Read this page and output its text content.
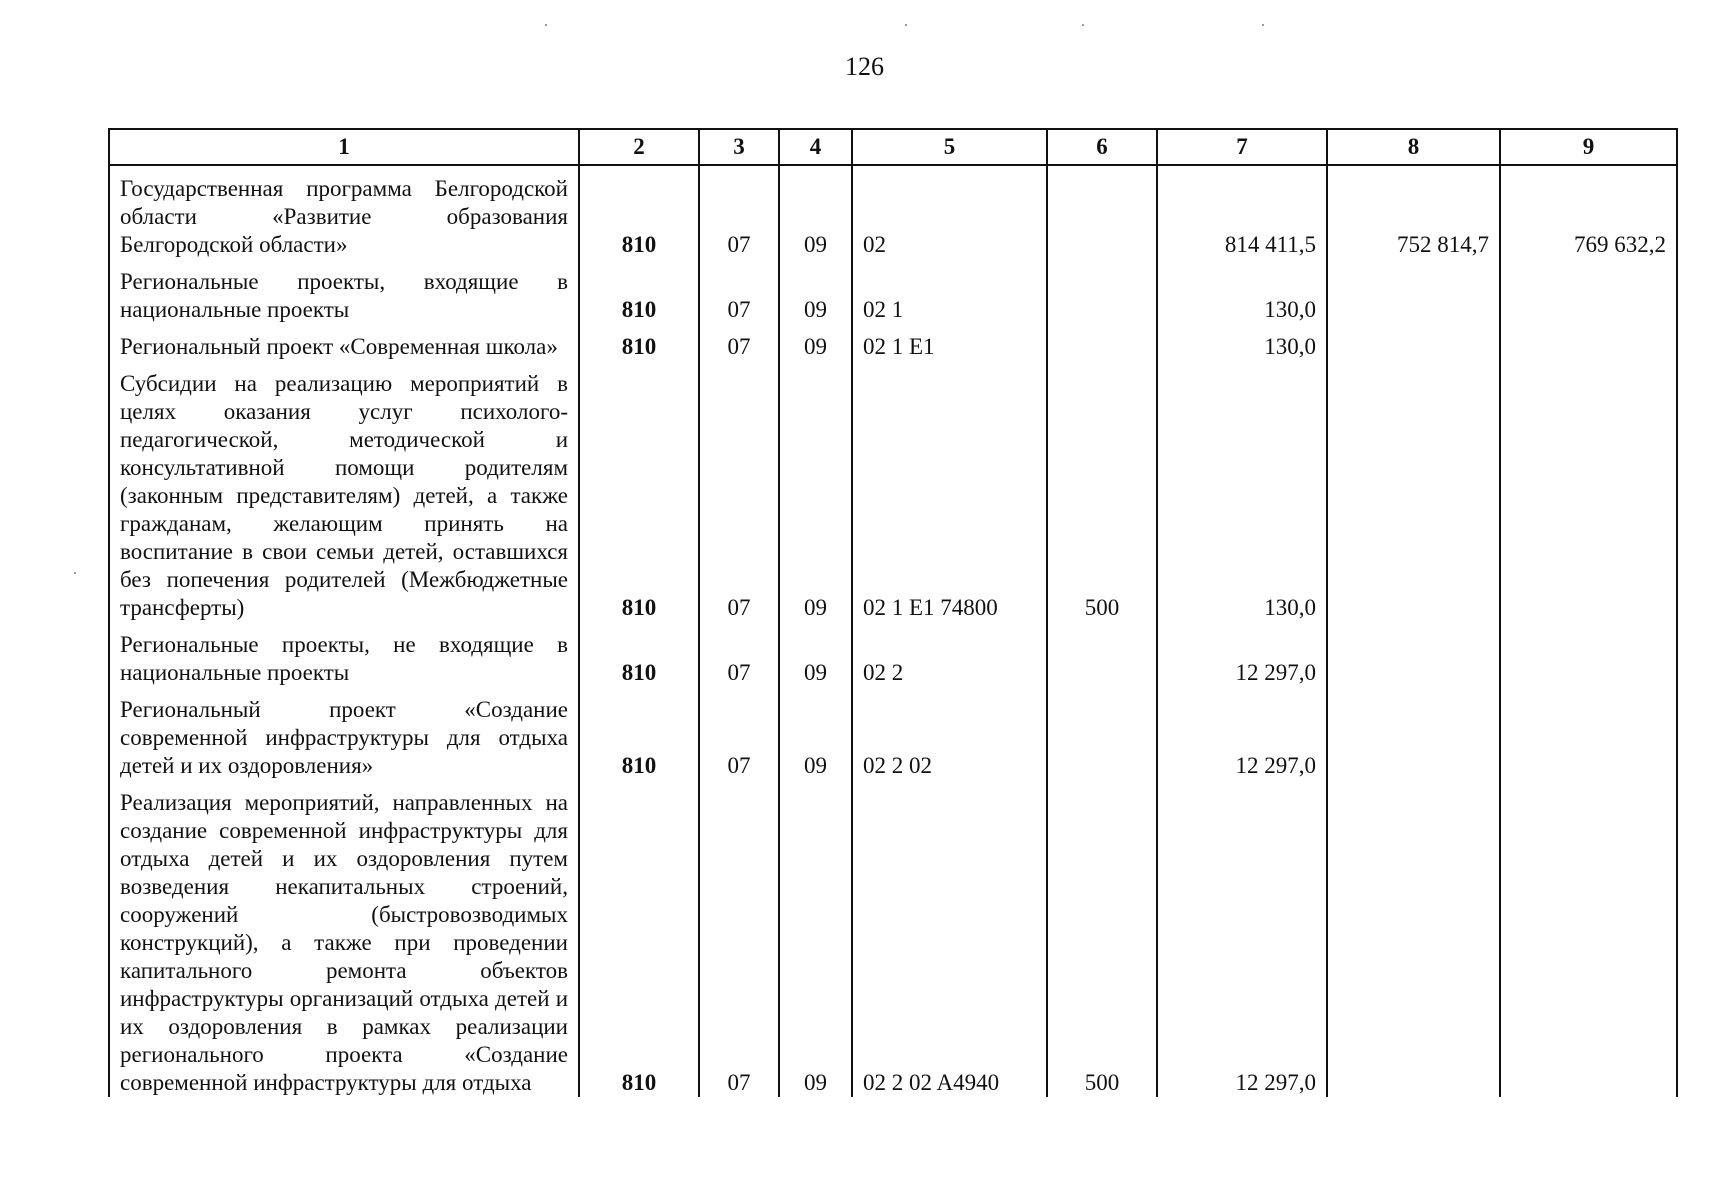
126
1	2	3	4	5	6	7	8	9
Государственная программа Белгородской области «Развитие образования Белгородской области»	810	07	09	02		814 411,5	752 814,7	769 632,2
Региональные проекты, входящие в национальные проекты	810	07	09	02 1		130,0		
Региональный проект «Современная школа»	810	07	09	02 1 E1		130,0		
Субсидии на реализацию мероприятий в целях оказания услуг психолого-педагогической, методической и консультативной помощи родителям (законным представителям) детей, а также гражданам, желающим принять на воспитание в свои семьи детей, оставшихся без попечения родителей (Межбюджетные трансферты)	810	07	09	02 1 E1 74800	500	130,0		
Региональные проекты, не входящие в национальные проекты	810	07	09	02 2		12 297,0		
Региональный проект «Создание современной инфраструктуры для отдыха детей и их оздоровления»	810	07	09	02 2 02		12 297,0		
Реализация мероприятий, направленных на создание современной инфраструктуры для отдыха детей и их оздоровления путем возведения некапитальных строений, сооружений (быстровозводимых конструкций), а также при проведении капитального ремонта объектов инфраструктуры организаций отдыха детей и их оздоровления в рамках реализации регионального проекта «Создание современной инфраструктуры для отдыха	810	07	09	02 2 02 A4940	500	12 297,0		
